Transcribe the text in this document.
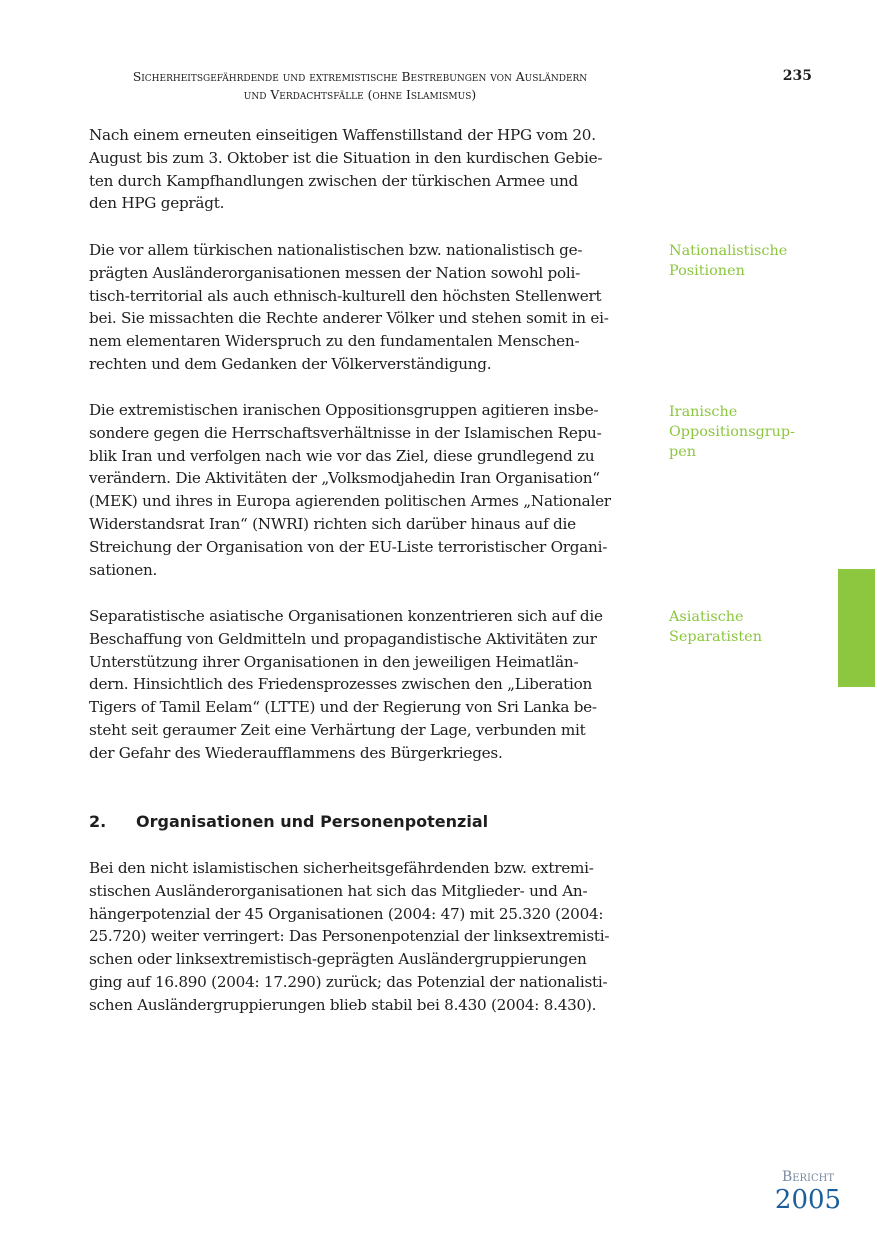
Sicherheitsgefährdende und extremistische Bestrebungen von Ausländern
und Verdachtsfälle (ohne Islamismus)
235

Nach einem erneuten einseitigen Waffenstillstand der HPG vom 20.
August bis zum 3. Oktober ist die Situation in den kurdischen Gebie-
ten durch Kampfhandlungen zwischen der türkischen Armee und
den HPG geprägt.

Die vor allem türkischen nationalistischen bzw. nationalistisch ge-
prägten Ausländerorganisationen messen der Nation sowohl poli-
tisch-territorial als auch ethnisch-kulturell den höchsten Stellenwert
bei. Sie missachten die Rechte anderer Völker und stehen somit in ei-
nem elementaren Widerspruch zu den fundamentalen Menschen-
rechten und dem Gedanken der Völkerverständigung.

Nationalistische
Positionen

Die extremistischen iranischen Oppositionsgruppen agitieren insbe-
sondere gegen die Herrschaftsverhältnisse in der Islamischen Repu-
blik Iran und verfolgen nach wie vor das Ziel, diese grundlegend zu
verändern. Die Aktivitäten der „Volksmodjahedin Iran Organisation“
(MEK) und ihres in Europa agierenden politischen Armes „Nationaler
Widerstandsrat Iran“ (NWRI) richten sich darüber hinaus auf die
Streichung der Organisation von der EU-Liste terroristischer Organi-
sationen.

Iranische
Oppositionsgrup-
pen

Separatistische asiatische Organisationen konzentrieren sich auf die
Beschaffung von Geldmitteln und propagandistische Aktivitäten zur
Unterstützung ihrer Organisationen in den jeweiligen Heimatlän-
dern. Hinsichtlich des Friedensprozesses zwischen den „Liberation
Tigers of Tamil Eelam“ (LTTE) und der Regierung von Sri Lanka be-
steht seit geraumer Zeit eine Verhärtung der Lage, verbunden mit
der Gefahr des Wiederaufflammens des Bürgerkrieges.

Asiatische
Separatisten
2. Organisationen und Personenpotenzial

Bei den nicht islamistischen sicherheitsgefährdenden bzw. extremi-
stischen Ausländerorganisationen hat sich das Mitglieder- und An-
hängerpotenzial der 45 Organisationen (2004: 47) mit 25.320 (2004:
25.720) weiter verringert: Das Personenpotenzial der linksextremisti-
schen oder linksextremistisch-geprägten Ausländergruppierungen
ging auf 16.890 (2004: 17.290) zurück; das Potenzial der nationalisti-
schen Ausländergruppierungen blieb stabil bei 8.430 (2004: 8.430).

Bericht
2005
